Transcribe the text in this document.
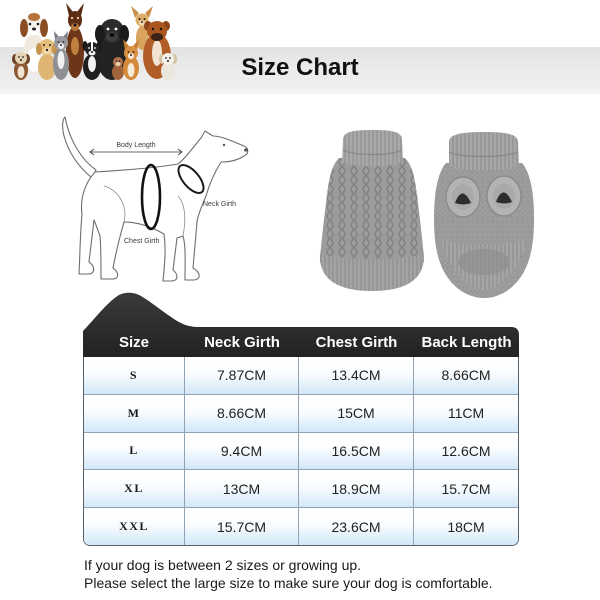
Size Chart
Body Length
Neck Girth
Chest Girth
Size	Neck Girth	Chest Girth	Back Length
S	7.87CM	13.4CM	8.66CM
M	8.66CM	15CM	11CM
L	9.4CM	16.5CM	12.6CM
XL	13CM	18.9CM	15.7CM
XXL	15.7CM	23.6CM	18CM
If your dog is between 2 sizes or growing up.
Please select the large size to make sure your dog is comfortable.
